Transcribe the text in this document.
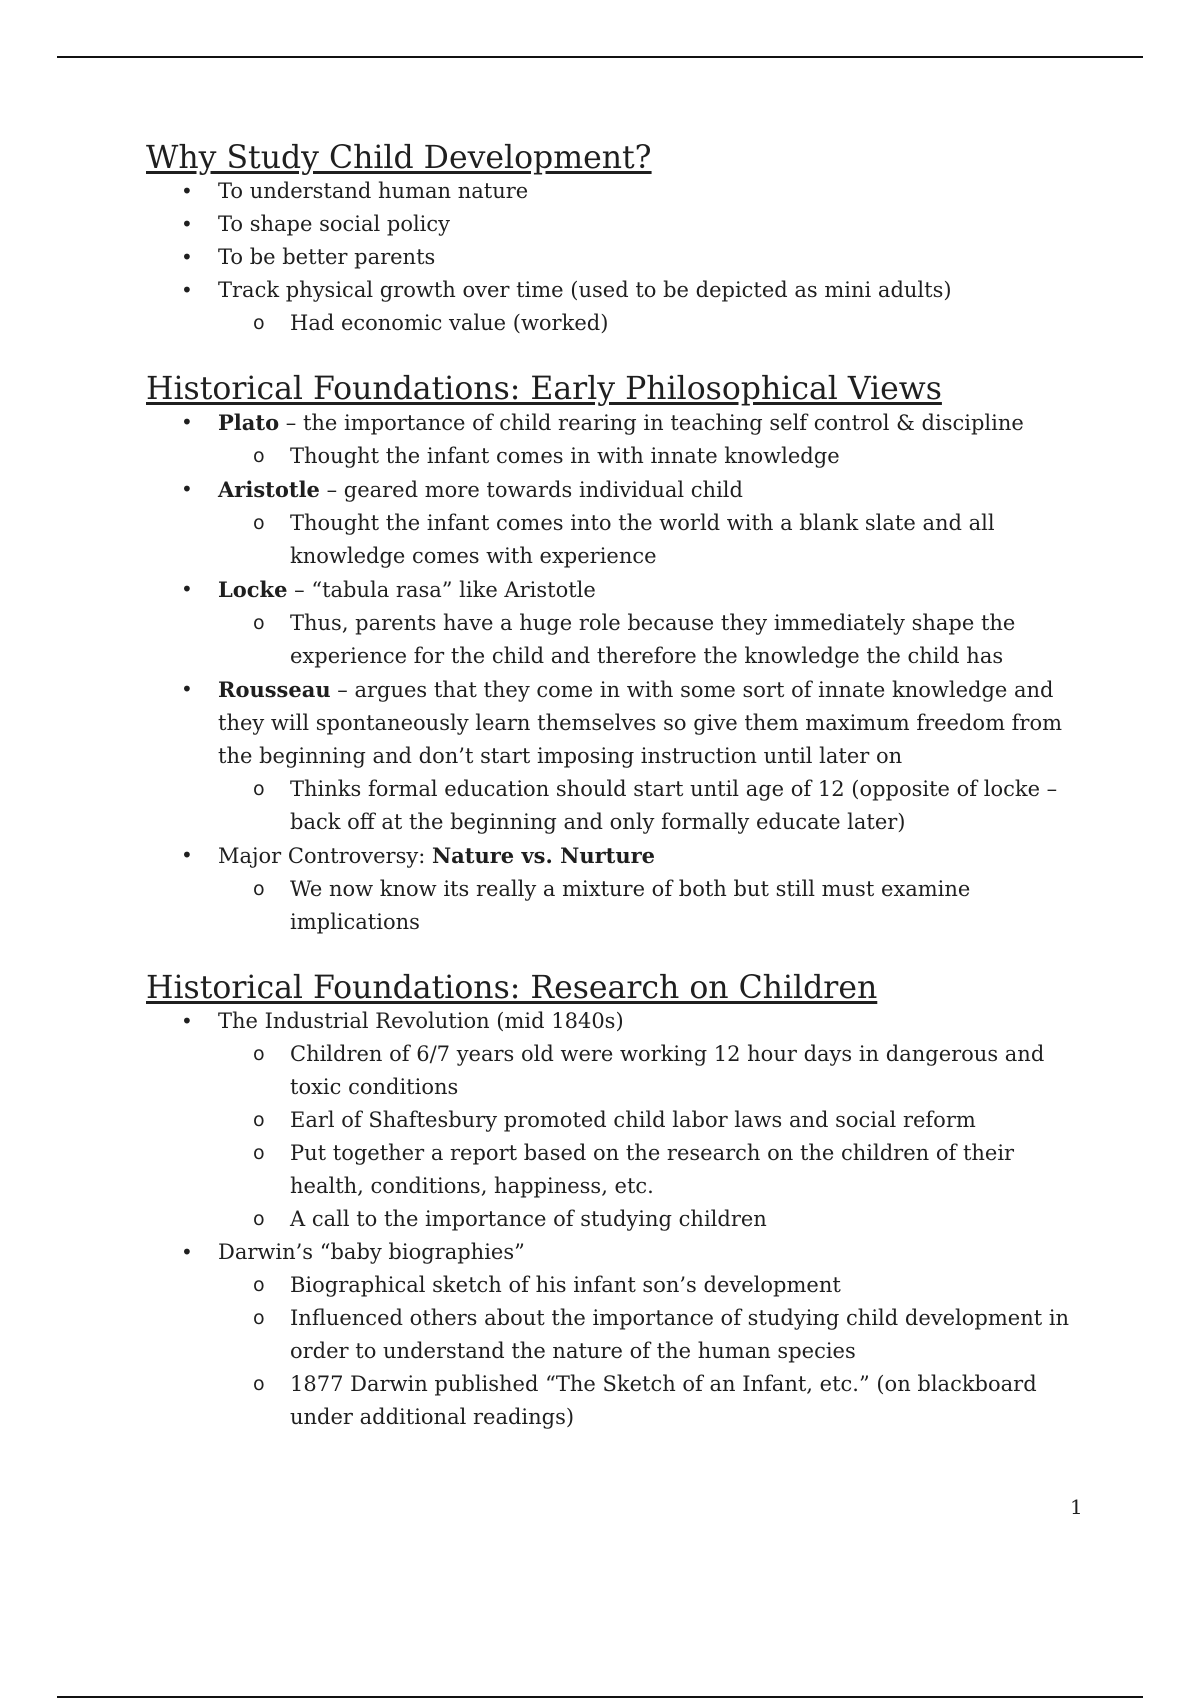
Why Study Child Development?
• To understand human nature
• To shape social policy
• To be better parents
• Track physical growth over time (used to be depicted as mini adults)
o Had economic value (worked)
Historical Foundations: Early Philosophical Views
• Plato – the importance of child rearing in teaching self control & discipline
o Thought the infant comes in with innate knowledge
• Aristotle – geared more towards individual child
o Thought the infant comes into the world with a blank slate and all knowledge comes with experience
• Locke – “tabula rasa” like Aristotle
o Thus, parents have a huge role because they immediately shape the experience for the child and therefore the knowledge the child has
• Rousseau – argues that they come in with some sort of innate knowledge and they will spontaneously learn themselves so give them maximum freedom from the beginning and don’t start imposing instruction until later on
o Thinks formal education should start until age of 12 (opposite of locke – back off at the beginning and only formally educate later)
• Major Controversy: Nature vs. Nurture
o We now know its really a mixture of both but still must examine implications
Historical Foundations: Research on Children
• The Industrial Revolution (mid 1840s)
o Children of 6/7 years old were working 12 hour days in dangerous and toxic conditions
o Earl of Shaftesbury promoted child labor laws and social reform
o Put together a report based on the research on the children of their health, conditions, happiness, etc.
o A call to the importance of studying children
• Darwin’s “baby biographies”
o Biographical sketch of his infant son’s development
o Influenced others about the importance of studying child development in order to understand the nature of the human species
o 1877 Darwin published “The Sketch of an Infant, etc.” (on blackboard under additional readings)
1
